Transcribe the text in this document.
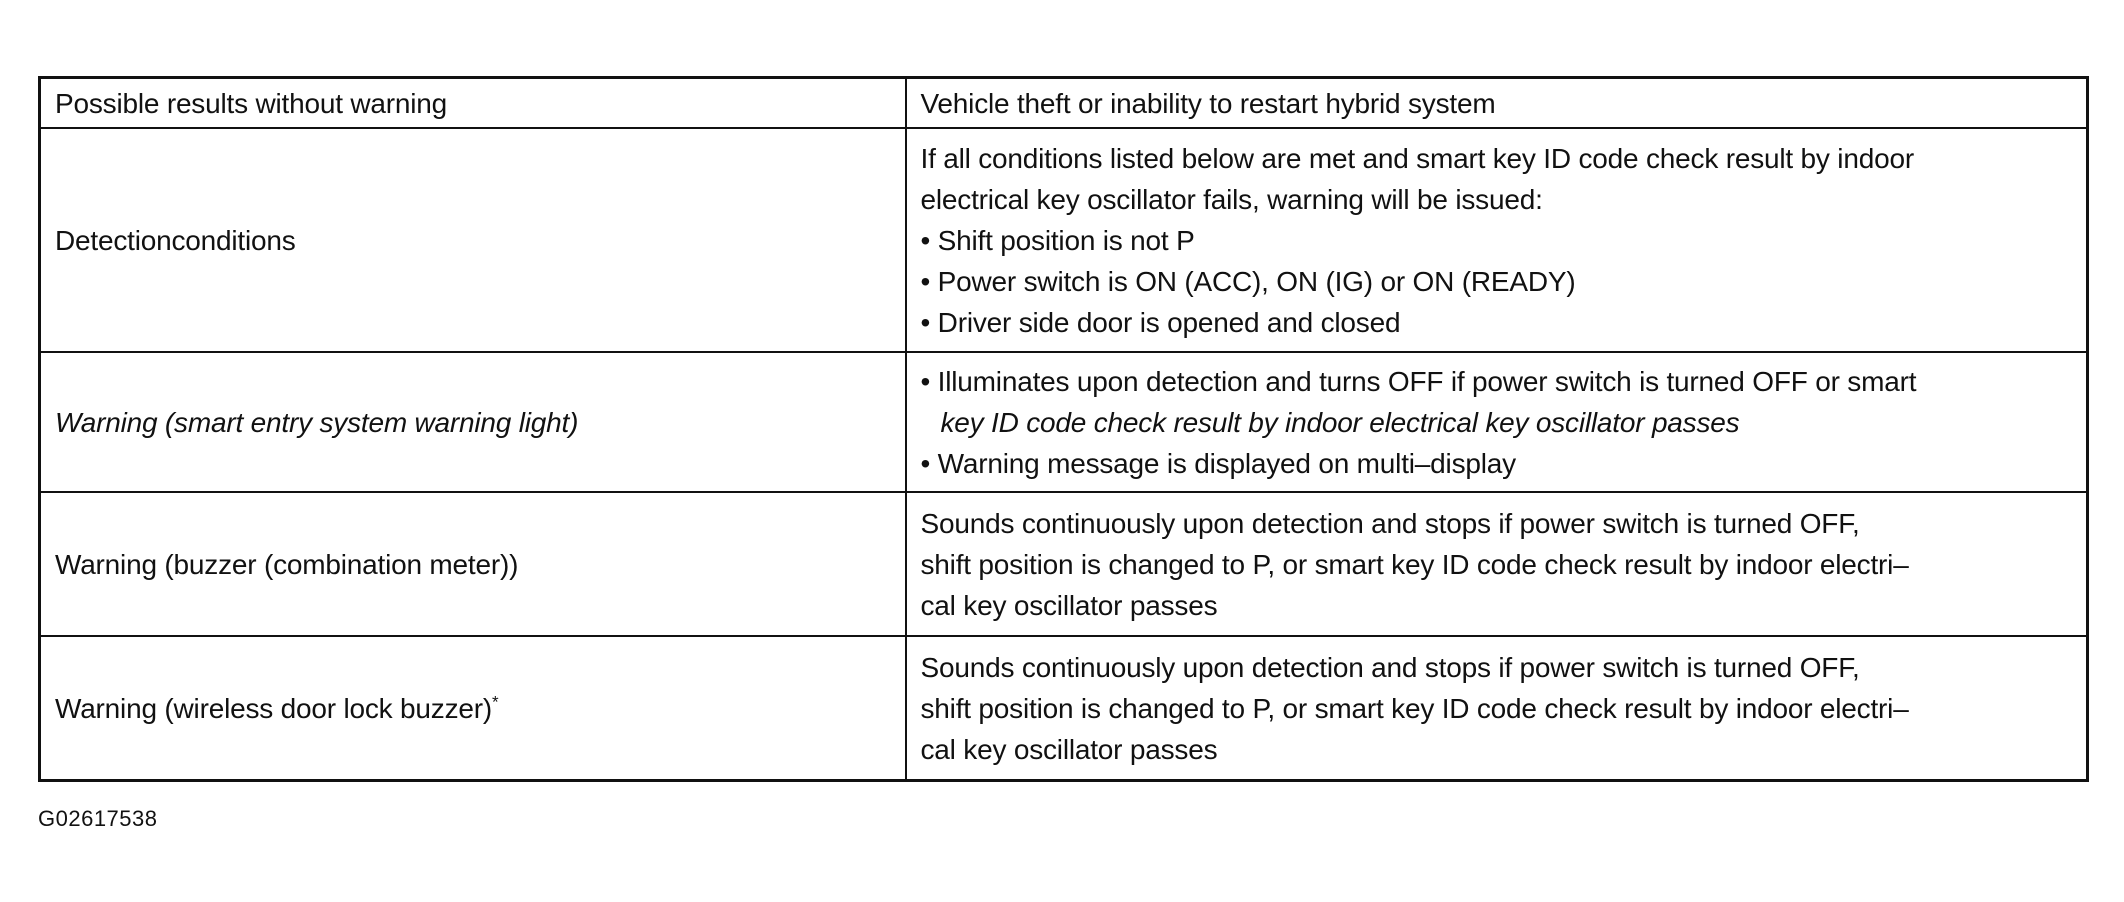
Possible results without warning	Vehicle theft or inability to restart hybrid system
Detectionconditions	If all conditions listed below are met and smart key ID code check result by indoor
electrical key oscillator fails, warning will be issued:
• Shift position is not P
• Power switch is ON (ACC), ON (IG) or ON (READY)
• Driver side door is opened and closed

Warning (smart entry system warning light)	• Illuminates upon detection and turns OFF if power switch is turned OFF or smart
key ID code check result by indoor electrical key oscillator passes
• Warning message is displayed on multi–display

Warning (buzzer (combination meter))	Sounds continuously upon detection and stops if power switch is turned OFF,
shift position is changed to P, or smart key ID code check result by indoor electri–
cal key oscillator passes

Warning (wireless door lock buzzer)*	Sounds continuously upon detection and stops if power switch is turned OFF,
shift position is changed to P, or smart key ID code check result by indoor electri–
cal key oscillator passes
G02617538
